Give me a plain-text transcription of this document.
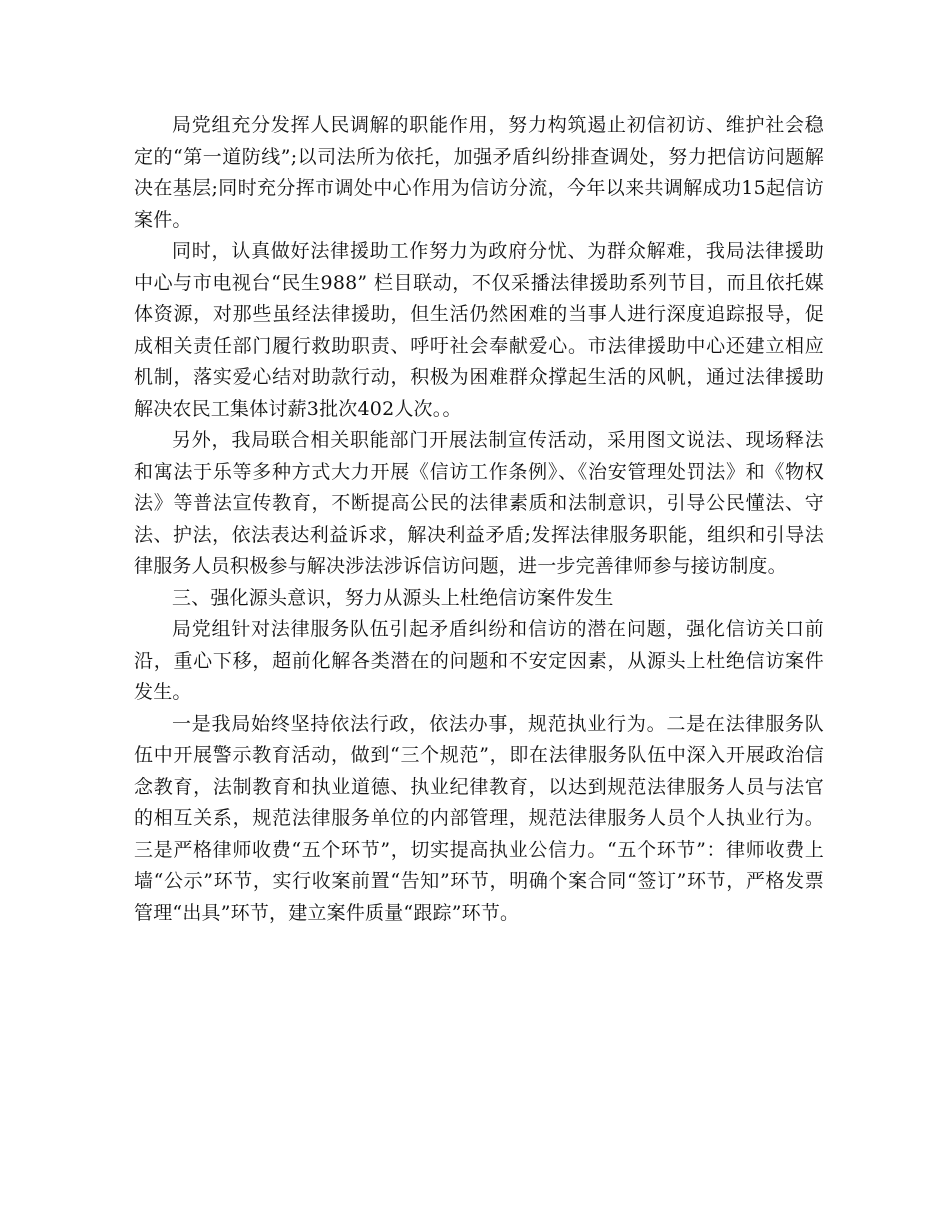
局党组充分发挥人民调解的职能作用，努力构筑遏止初信初访、维护社会稳定的“第一道防线”;以司法所为依托，加强矛盾纠纷排查调处，努力把信访问题解决在基层;同时充分挥市调处中心作用为信访分流，今年以来共调解成功15起信访案件。

同时，认真做好法律援助工作努力为政府分忧、为群众解难，我局法律援助中心与市电视台“民生988” 栏目联动，不仅采播法律援助系列节目，而且依托媒体资源，对那些虽经法律援助，但生活仍然困难的当事人进行深度追踪报导，促成相关责任部门履行救助职责、呼吁社会奉献爱心。市法律援助中心还建立相应机制，落实爱心结对助款行动，积极为困难群众撑起生活的风帆，通过法律援助解决农民工集体讨薪3批次402人次。。

另外，我局联合相关职能部门开展法制宣传活动，采用图文说法、现场释法和寓法于乐等多种方式大力开展《信访工作条例》、《治安管理处罚法》和《物权法》等普法宣传教育，不断提高公民的法律素质和法制意识，引导公民懂法、守法、护法，依法表达利益诉求，解决利益矛盾;发挥法律服务职能，组织和引导法律服务人员积极参与解决涉法涉诉信访问题，进一步完善律师参与接访制度。

三、强化源头意识，努力从源头上杜绝信访案件发生

局党组针对法律服务队伍引起矛盾纠纷和信访的潜在问题，强化信访关口前沿，重心下移，超前化解各类潜在的问题和不安定因素，从源头上杜绝信访案件发生。

一是我局始终坚持依法行政，依法办事，规范执业行为。二是在法律服务队伍中开展警示教育活动，做到“三个规范”，即在法律服务队伍中深入开展政治信念教育，法制教育和执业道德、执业纪律教育，以达到规范法律服务人员与法官的相互关系，规范法律服务单位的内部管理，规范法律服务人员个人执业行为。三是严格律师收费“五个环节”，切实提高执业公信力。“五个环节”：律师收费上墙“公示”环节，实行收案前置“告知”环节，明确个案合同“签订”环节，严格发票管理“出具”环节，建立案件质量“跟踪”环节。
